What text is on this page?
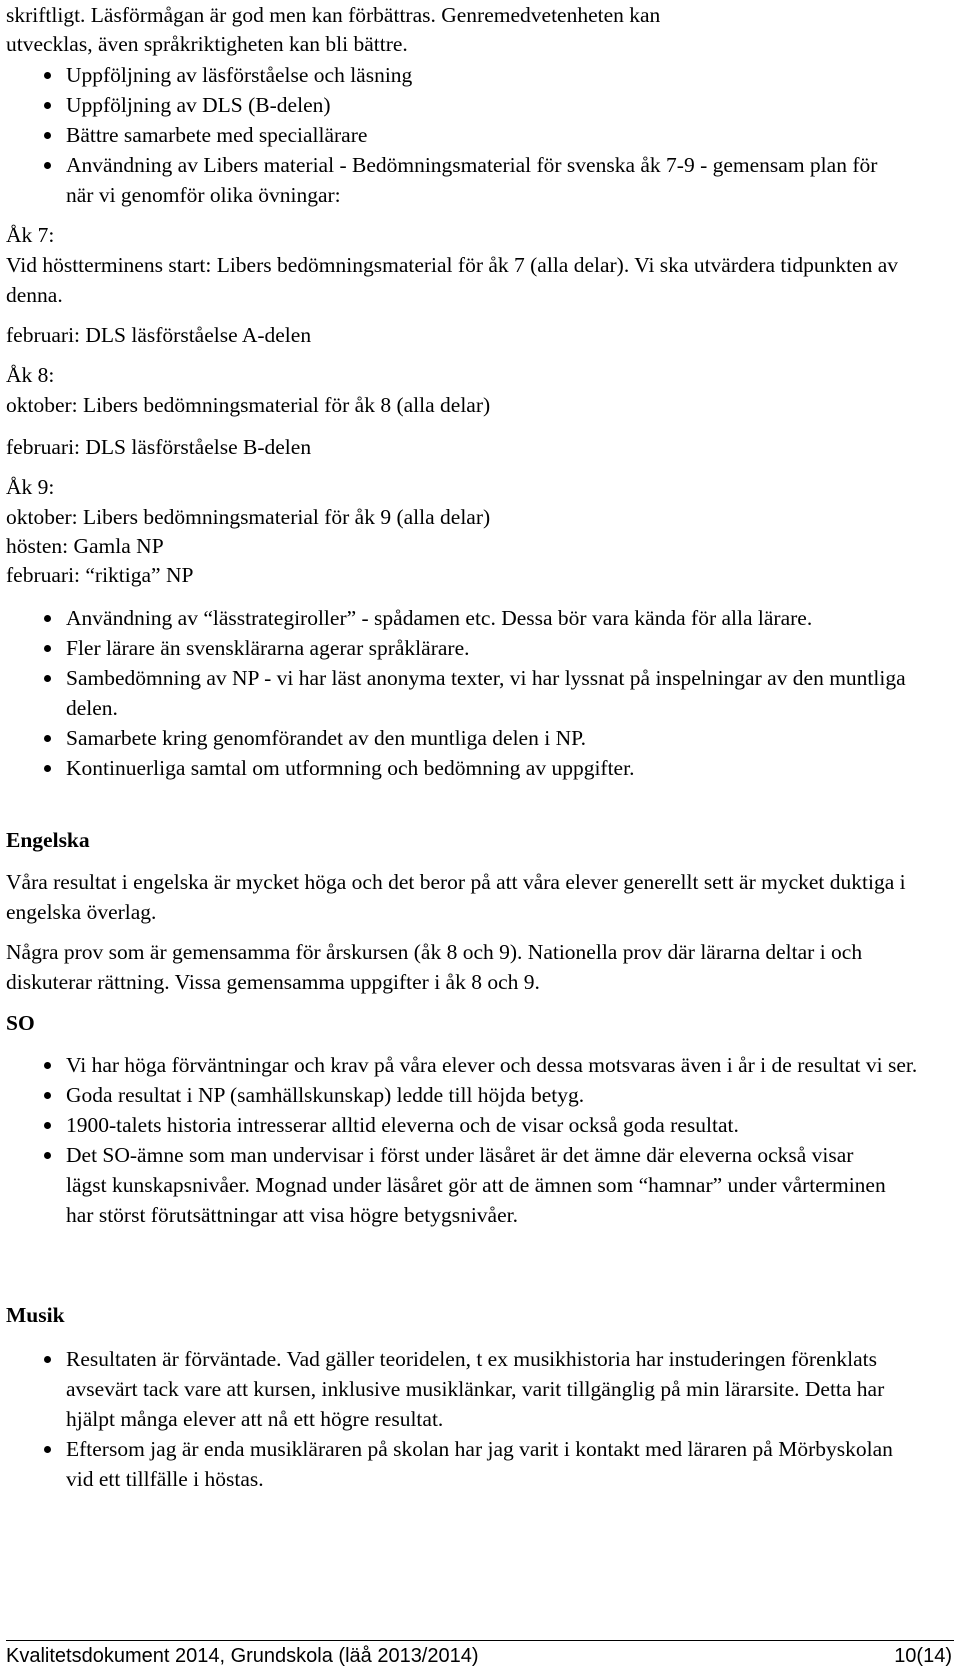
skriftligt. Läsförmågan är god men kan förbättras. Genremedvetenheten kan

utvecklas, även språkriktigheten kan bli bättre.

Uppföljning av läsförståelse och läsning
Uppföljning av DLS (B-delen)
Bättre samarbete med speciallärare
Användning av Libers material - Bedömningsmaterial för svenska åk 7-9 - gemensam plan för när vi genomför olika övningar:

Åk 7:

Vid höstterminens start: Libers bedömningsmaterial för åk 7 (alla delar). Vi ska utvärdera tidpunkten av denna.

februari: DLS läsförståelse A-delen

Åk 8:

oktober: Libers bedömningsmaterial för åk 8 (alla delar)

februari: DLS läsförståelse B-delen

Åk 9:

oktober: Libers bedömningsmaterial för åk 9 (alla delar)

hösten: Gamla NP

februari: “riktiga” NP

Användning av “lässtrategiroller” - spådamen etc. Dessa bör vara kända för alla lärare.
Fler lärare än svensklärarna agerar språklärare.
Sambedömning av NP - vi har läst anonyma texter, vi har lyssnat på inspelningar av den muntliga delen.
Samarbete kring genomförandet av den muntliga delen i NP.
Kontinuerliga samtal om utformning och bedömning av uppgifter.

Engelska

Våra resultat i engelska är mycket höga och det beror på att våra elever generellt sett är mycket duktiga i engelska överlag.

Några prov som är gemensamma för årskursen (åk 8 och 9). Nationella prov där lärarna deltar i och diskuterar rättning. Vissa gemensamma uppgifter i åk 8 och 9.

SO

Vi har höga förväntningar och krav på våra elever och dessa motsvaras även i år i de resultat vi ser.
Goda resultat i NP (samhällskunskap) ledde till höjda betyg.
1900-talets historia intresserar alltid eleverna och de visar också goda resultat.
Det SO-ämne som man undervisar i först under läsåret är det ämne där eleverna också visar lägst kunskapsnivåer. Mognad under läsåret gör att de ämnen som “hamnar” under vårterminen har störst förutsättningar att visa högre betygsnivåer.

Musik

Resultaten är förväntade. Vad gäller teoridelen, t ex musikhistoria har instuderingen förenklats avsevärt tack vare att kursen, inklusive musiklänkar, varit tillgänglig på min lärarsite. Detta har hjälpt många elever att nå ett högre resultat.
Eftersom jag är enda musikläraren på skolan har jag varit i kontakt med läraren på Mörbyskolan vid ett tillfälle i höstas.
Kvalitetsdokument 2014, Grundskola (läå 2013/2014)	10(14)
